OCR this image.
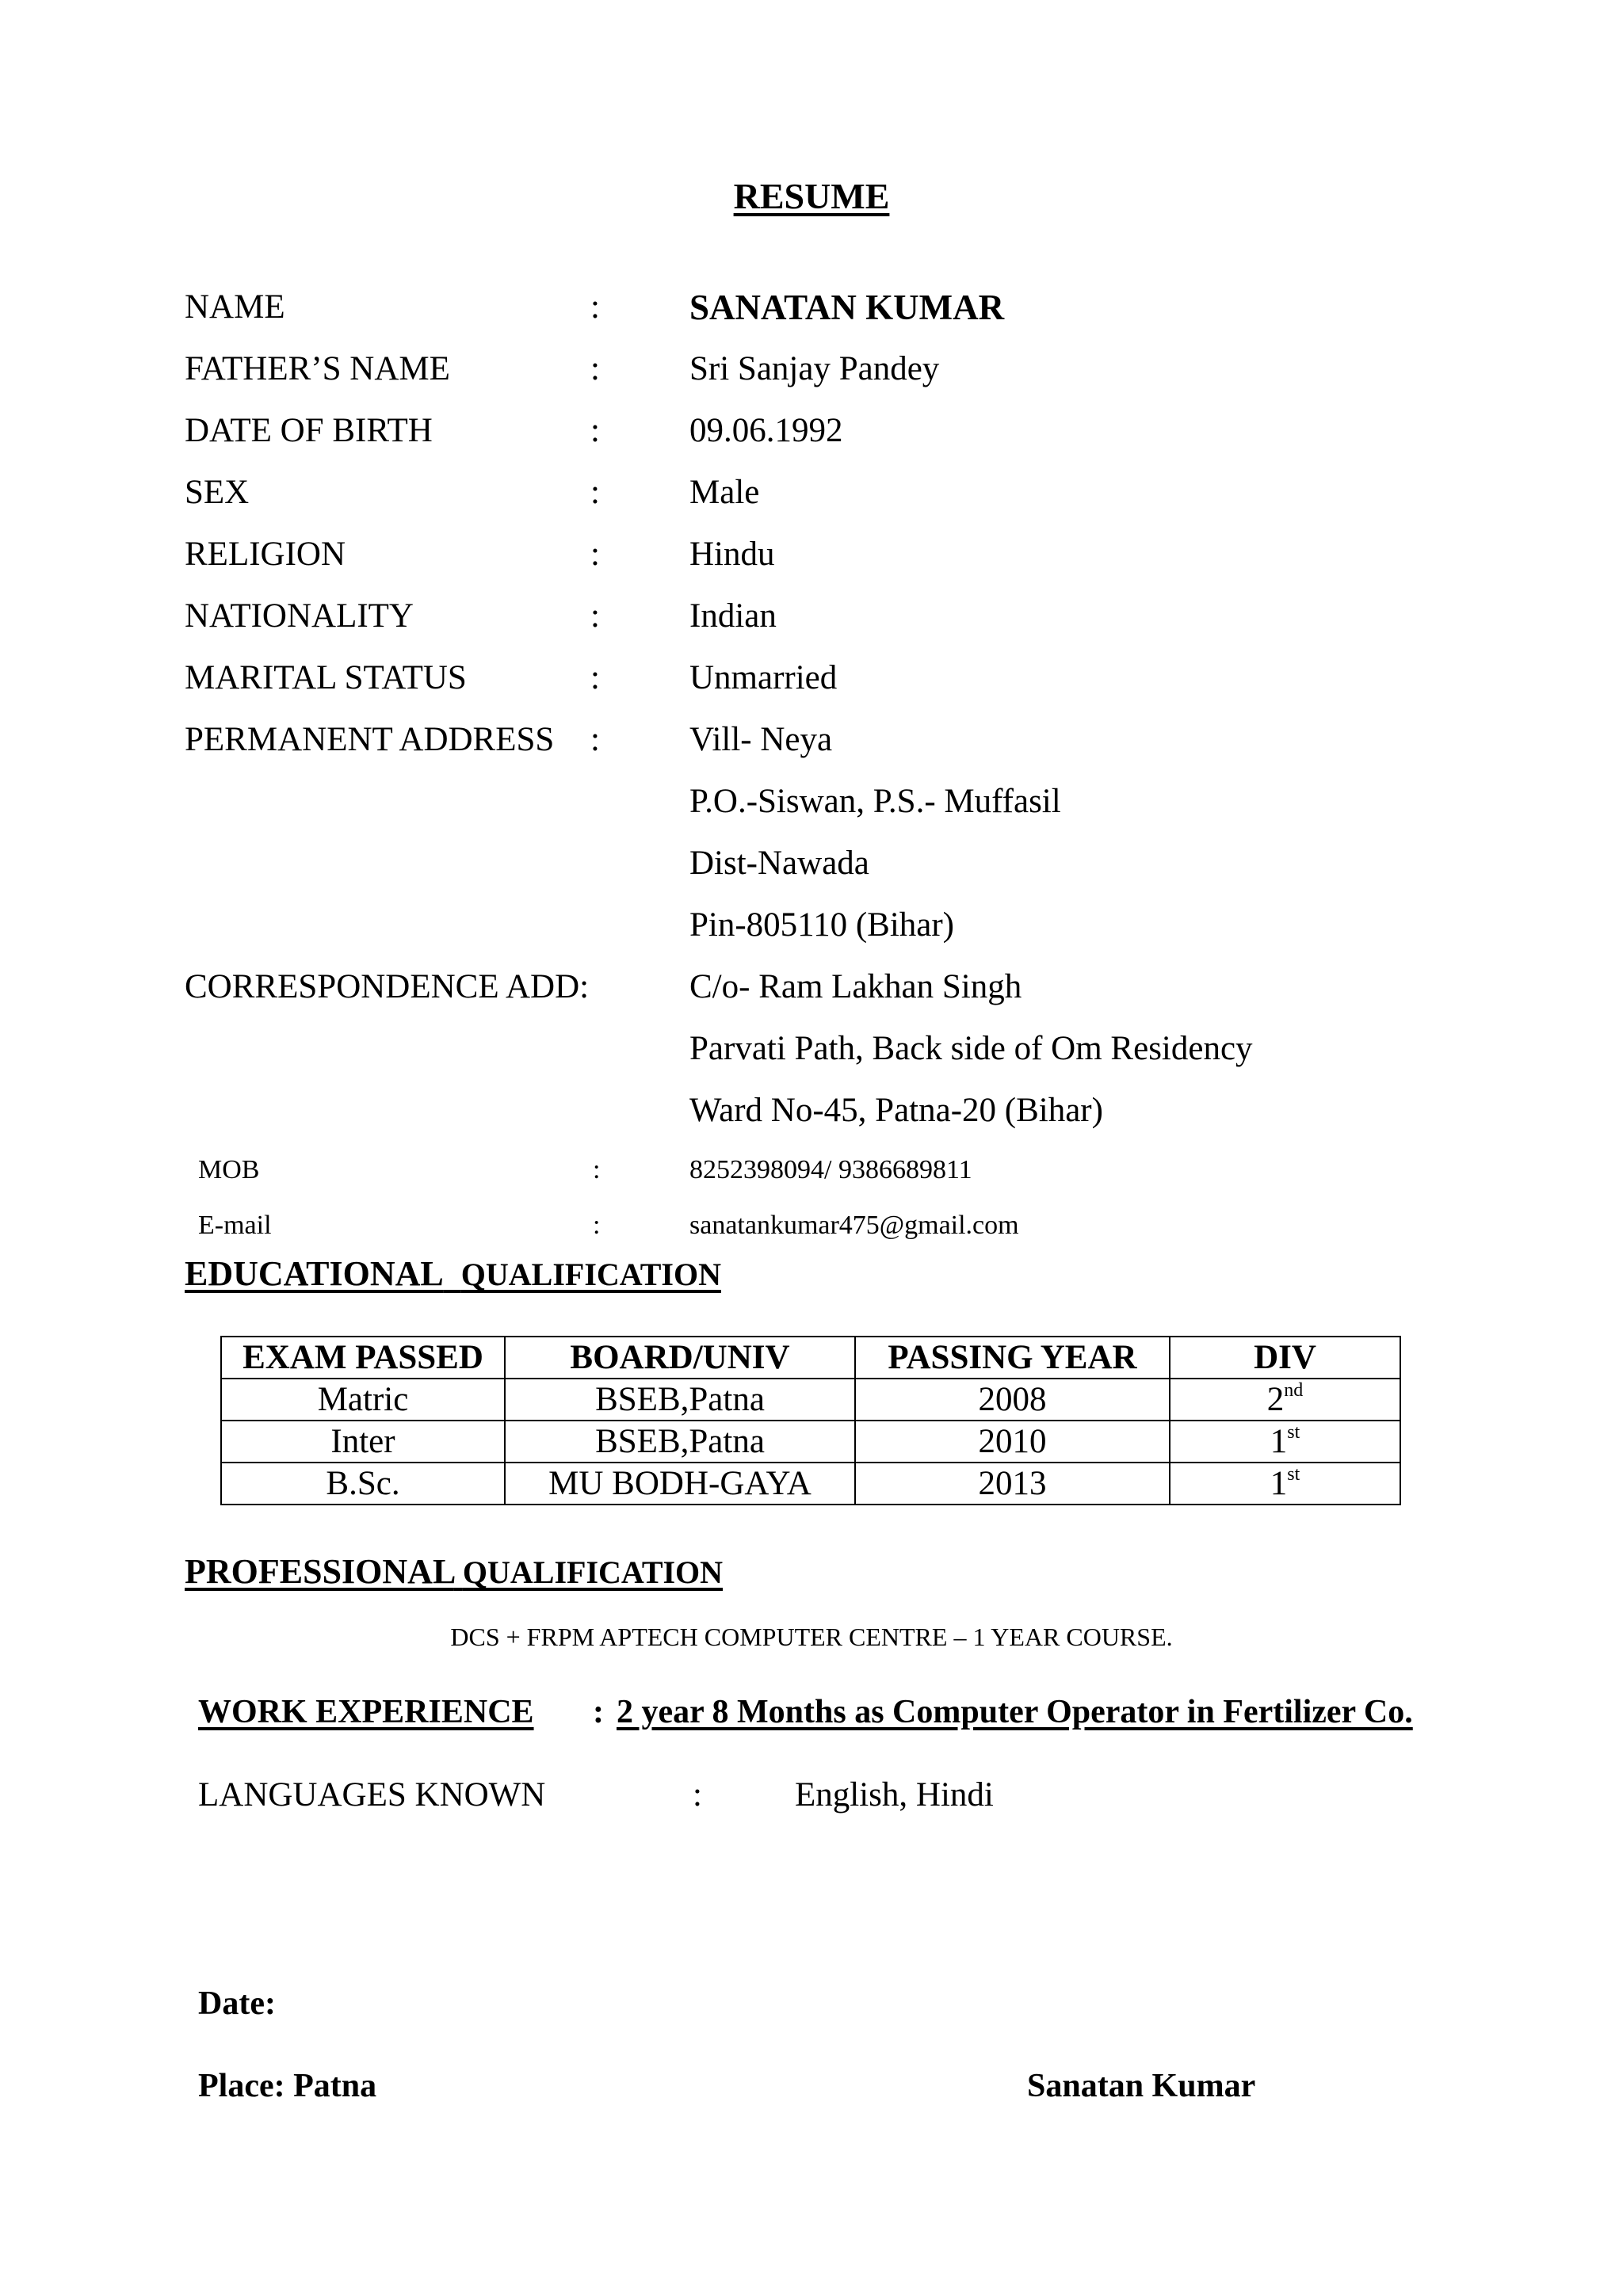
RESUME
NAME	:	SANATAN KUMAR
FATHER’S NAME	:	Sri Sanjay Pandey
DATE OF BIRTH	:	09.06.1992
SEX	:	Male
RELIGION	:	Hindu
NATIONALITY	:	Indian
MARITAL STATUS	:	Unmarried
PERMANENT ADDRESS :	Vill- Neya
P.O.-Siswan, P.S.- Muffasil
Dist-Nawada
Pin-805110 (Bihar)
CORRESPONDENCE ADD:	C/o- Ram Lakhan Singh
Parvati Path, Back side of Om Residency
Ward No-45, Patna-20 (Bihar)
MOB	:	8252398094/ 9386689811
E-mail	:	sanatankumar475@gmail.com
EDUCATIONAL QUALIFICATION
EXAM PASSED	BOARD/UNIV	PASSING YEAR	DIV
Matric	BSEB,Patna	2008	2nd
Inter	BSEB,Patna	2010	1st
B.Sc.	MU BODH-GAYA	2013	1st
PROFESSIONAL QUALIFICATION
DCS + FRPM APTECH COMPUTER CENTRE – 1 YEAR COURSE.
WORK EXPERIENCE : 2 year 8 Months as Computer Operator in Fertilizer Co.
LANGUAGES KNOWN	:	English, Hindi
Date:
Place: Patna	Sanatan Kumar
